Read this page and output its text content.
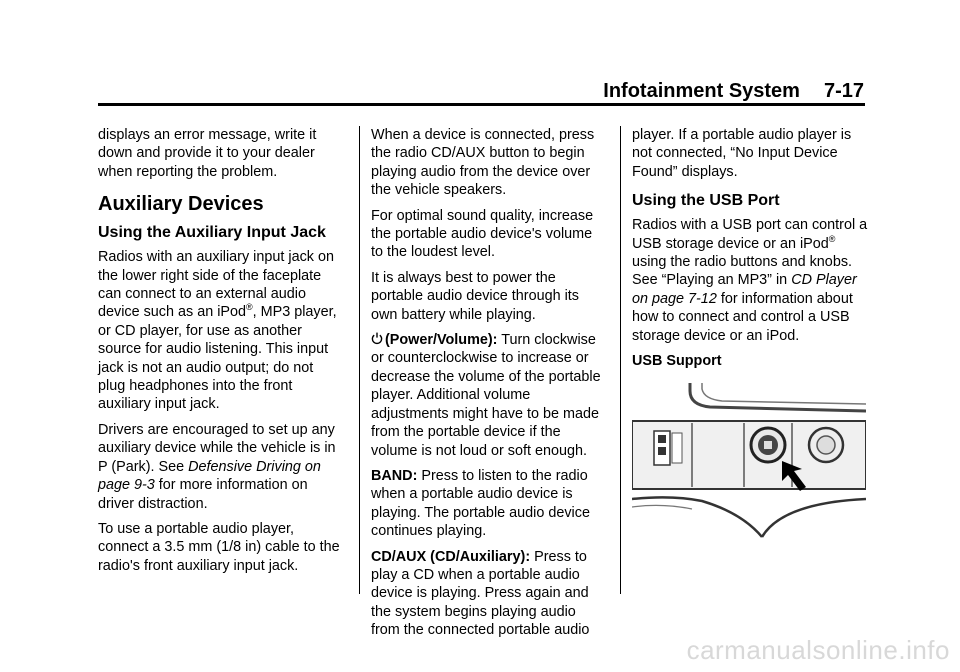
Infotainment System 7-17

displays an error message, write it down and provide it to your dealer when reporting the problem.

Auxiliary Devices
Using the Auxiliary Input Jack

Radios with an auxiliary input jack on the lower right side of the faceplate can connect to an external audio device such as an iPod®, MP3 player, or CD player, for use as another source for audio listening. This input jack is not an audio output; do not plug headphones into the front auxiliary input jack.

Drivers are encouraged to set up any auxiliary device while the vehicle is in P (Park). See Defensive Driving on page 9-3 for more information on driver distraction.

To use a portable audio player, connect a 3.5 mm (1/8 in) cable to the radio's front auxiliary input jack.

When a device is connected, press the radio CD/AUX button to begin playing audio from the device over the vehicle speakers.

For optimal sound quality, increase the portable audio device's volume to the loudest level.

It is always best to power the portable audio device through its own battery while playing.

(Power/Volume): Turn clockwise or counterclockwise to increase or decrease the volume of the portable player. Additional volume adjustments might have to be made from the portable device if the volume is not loud or soft enough.

BAND: Press to listen to the radio when a portable audio device is playing. The portable audio device continues playing.

CD/AUX (CD/Auxiliary): Press to play a CD when a portable audio device is playing. Press again and the system begins playing audio from the connected portable audio

player. If a portable audio player is not connected, “No Input Device Found” displays.

Using the USB Port

Radios with a USB port can control a USB storage device or an iPod® using the radio buttons and knobs. See “Playing an MP3” in CD Player on page 7-12 for information about how to connect and control a USB storage device or an iPod.

USB Support

carmanualsonline.info
